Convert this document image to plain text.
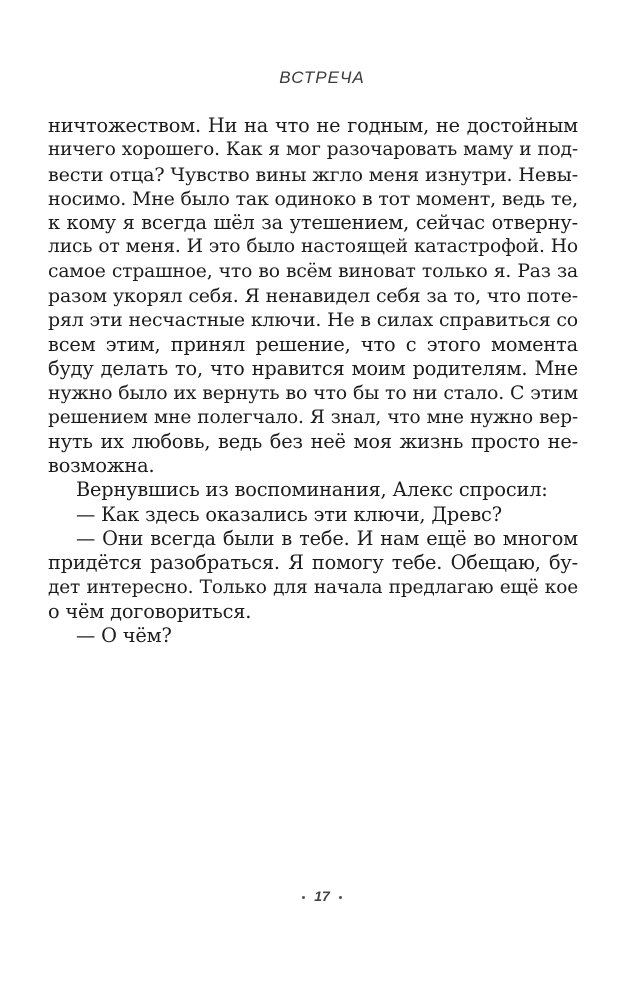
ВСТРЕЧА
ничтожеством. Ни на что не годным, не достойным
ничего хорошего. Как я мог разочаровать маму и под-
вести отца? Чувство вины жгло меня изнутри. Невы-
носимо. Мне было так одиноко в тот момент, ведь те,
к кому я всегда шёл за утешением, сейчас отверну-
лись от меня. И это было настоящей катастрофой. Но
самое страшное, что во всём виноват только я. Раз за
разом укорял себя. Я ненавидел себя за то, что поте-
рял эти несчастные ключи. Не в силах справиться со
всем этим, принял решение, что с этого момента
буду делать то, что нравится моим родителям. Мне
нужно было их вернуть во что бы то ни стало. С этим
решением мне полегчало. Я знал, что мне нужно вер-
нуть их любовь, ведь без неё моя жизнь просто не-
возможна.
Вернувшись из воспоминания, Алекс спросил:
— Как здесь оказались эти ключи, Древс?
— Они всегда были в тебе. И нам ещё во многом
придётся разобраться. Я помогу тебе. Обещаю, бу-
дет интересно. Только для начала предлагаю ещё кое
о чём договориться.
— О чём?
17
